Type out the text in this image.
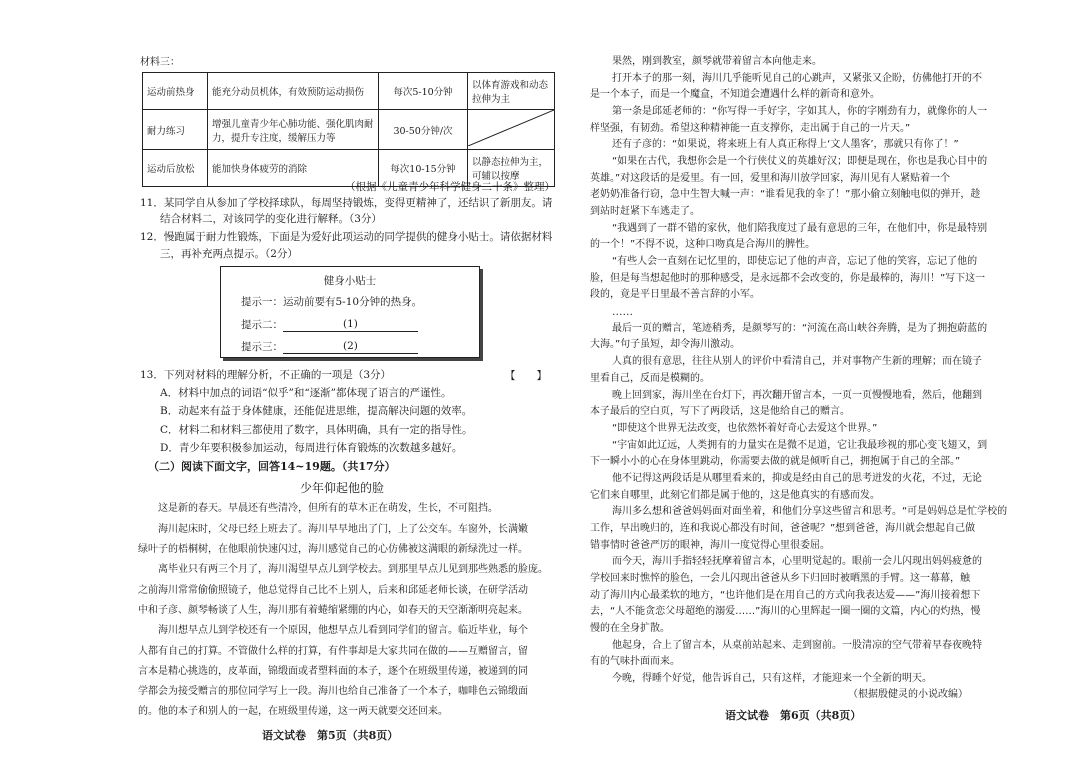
材料三：
运动前热身	能充分动员机体，有效预防运动损伤	每次5-10分钟	以体育游戏和动态拉伸为主
耐力练习	增强儿童青少年心肺功能、强化肌肉耐力，提升专注度，缓解压力等	30-50分钟/次	
运动后放松	能加快身体疲劳的消除	每次10-15分钟	以静态拉伸为主，可辅以按摩
（根据《儿童青少年科学健身二十条》整理）
11．某同学自从参加了学校择球队，每周坚持锻炼，变得更精神了，还结识了新朋友。请
结合材料二，对该同学的变化进行解释。（3分）
12．慢跑属于耐力性锻炼，下面是为爱好此项运动的同学提供的健身小贴士。请依据材料
三，再补充两点提示。（2分）
健身小贴士
提示一：运动前要有5-10分钟的热身。
提示二：	(1)
提示三：	(2)
13．下列对材料的理解分析，不正确的一项是（3分）	【　　】
A．材料中加点的词语“似乎”和“逐渐”都体现了语言的严谨性。
B．动起来有益于身体健康，还能促进思维，提高解决问题的效率。
C．材料二和材料三都使用了数字，具体明确，具有一定的指导性。
D．青少年要积极参加运动，每周进行体育锻炼的次数越多越好。
（二）阅读下面文字，回答14~19题。（共17分）
少年仰起他的脸
这是新的春天。早晨还有些清冷，但所有的草木正在萌发，生长，不可阻挡。
海川起床时，父母已经上班去了。海川早早地出了门，上了公交车。车窗外，长满嫩
绿叶子的梧桐树，在他眼前快速闪过，海川感觉自己的心仿佛被这满眼的新绿洗过一样。
离毕业只有两三个月了，海川渴望早点儿到学校去。到那里早点儿见到那些熟悉的脸庞。
之前海川常常偷偷照镜子，他总觉得自己比不上别人，后来和邱延老师长谈，在研学活动
中和子彦、颜琴畅谈了人生，海川那有着蜷缩紧绷的内心，如春天的天空渐渐明亮起来。
海川想早点儿到学校还有一个原因，他想早点儿看到同学们的留言。临近毕业，每个
人都有自己的打算。不管做什么样的打算，有件事却是大家共同在做的——互赠留言，留
言本是精心挑选的，皮革面，锦缎面或者塑料面的本子，逐个在班级里传递，被递到的同
学都会为接受赠言的那位同学写上一段。海川也给自己准备了一个本子，咖啡色云锦缎面
的。他的本子和别人的一起，在班级里传递，这一两天就要交还回来。
语文试卷　第5页（共8页）
果然，刚到教室，颜琴就带着留言本向他走来。
打开本子的那一刻，海川几乎能听见自己的心跳声，又紧张又企盼，仿佛他打开的不
是一个本子，而是一个魔盒，不知道会遭遇什么样的新奇和意外。
第一条是邱延老师的：“你写得一手好字，字如其人，你的字刚劲有力，就像你的人一
样坚强，有韧劲。希望这种精神能一直支撑你，走出属于自己的一片天。”
还有子彦的：“如果说，将来班上有人真正称得上‘文人墨客’，那就只有你了！”
“如果在古代，我想你会是一个行侠仗义的英雄好汉；即便是现在，你也是我心目中的
英雄。”对这段话的是爱里。有一回，爱里和海川放学回家，海川见有人紧贴着一个
老奶奶准备行窃，急中生智大喊一声：“谁看见我的伞了！”那小偷立刻触电似的弹开，趁
到站时赶紧下车逃走了。
“我遇到了一群不错的家伙，他们陪我度过了最有意思的三年，在他们中，你是最特别
的一个！”不得不说，这种口吻真是合海川的脾性。
“有些人会一直刻在记忆里的，即使忘记了他的声音，忘记了他的笑容，忘记了他的
脸，但是每当想起他时的那种感受，是永远都不会改变的，你是最棒的，海川！”写下这一
段的，竟是平日里最不善言辞的小军。
……
最后一页的赠言，笔迹稍秀，是颜琴写的：“河流在高山峡谷奔腾，是为了拥抱蔚蓝的
大海。”句子虽短，却令海川激动。
人真的很有意思，往往从别人的评价中看清自己，并对事物产生新的理解；而在镜子
里看自己，反而是模糊的。
晚上回到家，海川坐在台灯下，再次翻开留言本，一页一页慢慢地看，然后，他翻到
本子最后的空白页，写下了两段话，这是他给自己的赠言。
“即使这个世界无法改变，也依然怀着好奇心去爱这个世界。”
“宇宙如此辽远，人类拥有的力量实在是微不足道，它让我最珍视的那心变飞翅又，到
下一瞬小小的心在身体里跳动，你需要去做的就是倾听自己，拥抱属于自己的全部。”
他不记得这两段话是从哪里看来的，抑或是经由自己的思考迸发的火花，不过，无论
它们来自哪里，此刻它们都是属于他的，这是他真实的有感而发。
海川多么想和爸爸妈妈面对面坐着，和他们分享这些留言和思考。“可是妈妈总是忙学校的
工作，早出晚归的，连和我说心都没有时间，爸爸呢？”想到爸爸，海川就会想起自己做
错事情时爸爸严厉的眼神，海川一度觉得心里很委屈。
而今天，海川手指轻轻抚摩着留言本，心里明觉起的。眼前一会儿闪现出妈妈疲惫的
学校回来时憔悴的脸色，一会儿闪现出爸爸从乡下归回时被晒黑的手臂。这一幕幕，触
动了海川内心最柔软的地方，“也许他们是在用自己的方式向我表达爱——”海川接着想下
去，“人不能贪恋父母超绝的溺爱……”海川的心里辉起一圈一圈的文篇，内心的灼热，慢
慢的在全身扩散。
他起身，合上了留言本，从桌前站起来、走到窗前。一股清凉的空气带着早春夜晚特
有的气味扑面而来。
今晚，得睡个好觉，他告诉自己，只有这样，才能迎来一个全新的明天。
（根据殷健灵的小说改编）
语文试卷　第6页（共8页）
